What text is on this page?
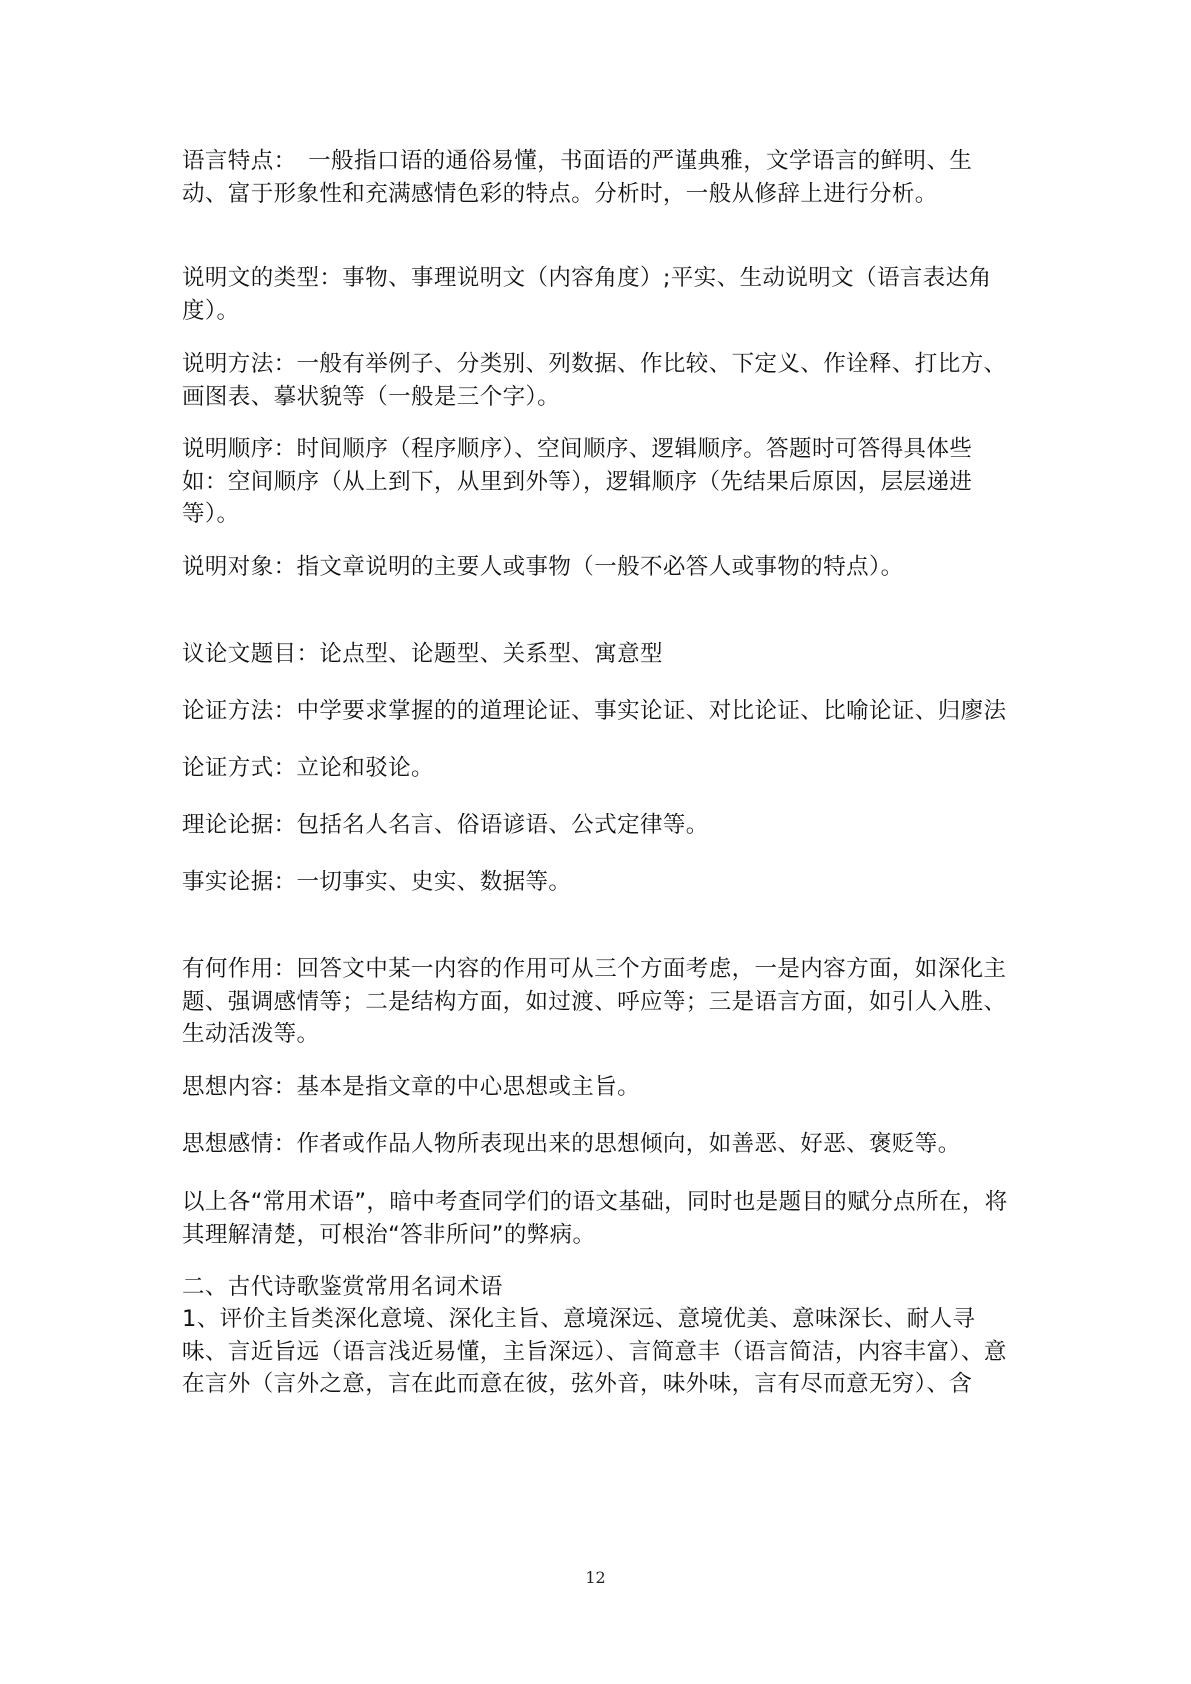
语言特点：　一般指口语的通俗易懂，书面语的严谨典雅，文学语言的鲜明、生动、富于形象性和充满感情色彩的特点。分析时，一般从修辞上进行分析。

说明文的类型：事物、事理说明文（内容角度）;平实、生动说明文（语言表达角度）。

说明方法：一般有举例子、分类别、列数据、作比较、下定义、作诠释、打比方、画图表、摹状貌等（一般是三个字）。

说明顺序：时间顺序（程序顺序）、空间顺序、逻辑顺序。答题时可答得具体些如：空间顺序（从上到下，从里到外等），逻辑顺序（先结果后原因，层层递进等）。

说明对象：指文章说明的主要人或事物（一般不必答人或事物的特点）。

议论文题目：论点型、论题型、关系型、寓意型

论证方法：中学要求掌握的的道理论证、事实论证、对比论证、比喻论证、归廖法

论证方式：立论和驳论。

理论论据：包括名人名言、俗语谚语、公式定律等。

事实论据：一切事实、史实、数据等。

有何作用：回答文中某一内容的作用可从三个方面考虑，一是内容方面，如深化主题、强调感情等；二是结构方面，如过渡、呼应等；三是语言方面，如引人入胜、生动活泼等。

思想内容：基本是指文章的中心思想或主旨。

思想感情：作者或作品人物所表现出来的思想倾向，如善恶、好恶、褒贬等。

以上各“常用术语”，暗中考查同学们的语文基础，同时也是题目的赋分点所在，将其理解清楚，可根治“答非所问”的弊病。

二、古代诗歌鉴赏常用名词术语

1、评价主旨类深化意境、深化主旨、意境深远、意境优美、意味深长、耐人寻味、言近旨远（语言浅近易懂，主旨深远）、言简意丰（语言简洁，内容丰富）、意在言外（言外之意，言在此而意在彼，弦外音，味外味，言有尽而意无穷）、含

12
